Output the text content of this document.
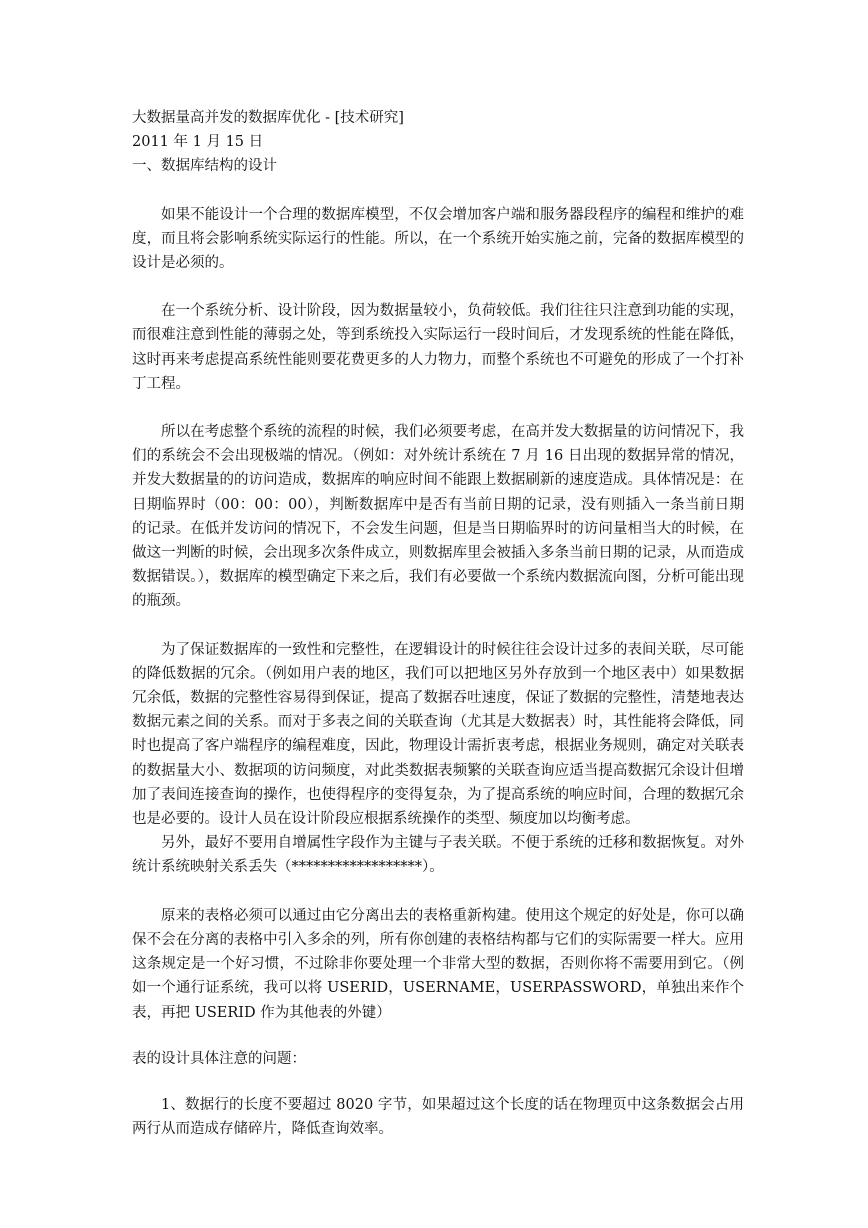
大数据量高并发的数据库优化 - [技术研究]

2011 年 1 月 15 日

一、数据库结构的设计

如果不能设计一个合理的数据库模型，不仅会增加客户端和服务器段程序的编程和维护的难度，而且将会影响系统实际运行的性能。所以，在一个系统开始实施之前，完备的数据库模型的设计是必须的。

在一个系统分析、设计阶段，因为数据量较小，负荷较低。我们往往只注意到功能的实现，而很难注意到性能的薄弱之处，等到系统投入实际运行一段时间后，才发现系统的性能在降低，这时再来考虑提高系统性能则要花费更多的人力物力，而整个系统也不可避免的形成了一个打补丁工程。

所以在考虑整个系统的流程的时候，我们必须要考虑，在高并发大数据量的访问情况下，我们的系统会不会出现极端的情况。（例如：对外统计系统在 7 月 16 日出现的数据异常的情况，并发大数据量的的访问造成，数据库的响应时间不能跟上数据刷新的速度造成。具体情况是：在日期临界时（00：00：00），判断数据库中是否有当前日期的记录，没有则插入一条当前日期的记录。在低并发访问的情况下，不会发生问题，但是当日期临界时的访问量相当大的时候，在做这一判断的时候，会出现多次条件成立，则数据库里会被插入多条当前日期的记录，从而造成数据错误。），数据库的模型确定下来之后，我们有必要做一个系统内数据流向图，分析可能出现的瓶颈。

为了保证数据库的一致性和完整性，在逻辑设计的时候往往会设计过多的表间关联，尽可能的降低数据的冗余。（例如用户表的地区，我们可以把地区另外存放到一个地区表中）如果数据冗余低，数据的完整性容易得到保证，提高了数据吞吐速度，保证了数据的完整性，清楚地表达数据元素之间的关系。而对于多表之间的关联查询（尤其是大数据表）时，其性能将会降低，同时也提高了客户端程序的编程难度，因此，物理设计需折衷考虑，根据业务规则，确定对关联表的数据量大小、数据项的访问频度，对此类数据表频繁的关联查询应适当提高数据冗余设计但增加了表间连接查询的操作，也使得程序的变得复杂，为了提高系统的响应时间，合理的数据冗余也是必要的。设计人员在设计阶段应根据系统操作的类型、频度加以均衡考虑。

另外，最好不要用自增属性字段作为主键与子表关联。不便于系统的迁移和数据恢复。对外统计系统映射关系丢失（******************）。

原来的表格必须可以通过由它分离出去的表格重新构建。使用这个规定的好处是，你可以确保不会在分离的表格中引入多余的列，所有你创建的表格结构都与它们的实际需要一样大。应用这条规定是一个好习惯，不过除非你要处理一个非常大型的数据，否则你将不需要用到它。（例如一个通行证系统，我可以将 USERID，USERNAME，USERPASSWORD，单独出来作个表，再把 USERID 作为其他表的外键）

表的设计具体注意的问题：

1、数据行的长度不要超过 8020 字节，如果超过这个长度的话在物理页中这条数据会占用两行从而造成存储碎片，降低查询效率。
